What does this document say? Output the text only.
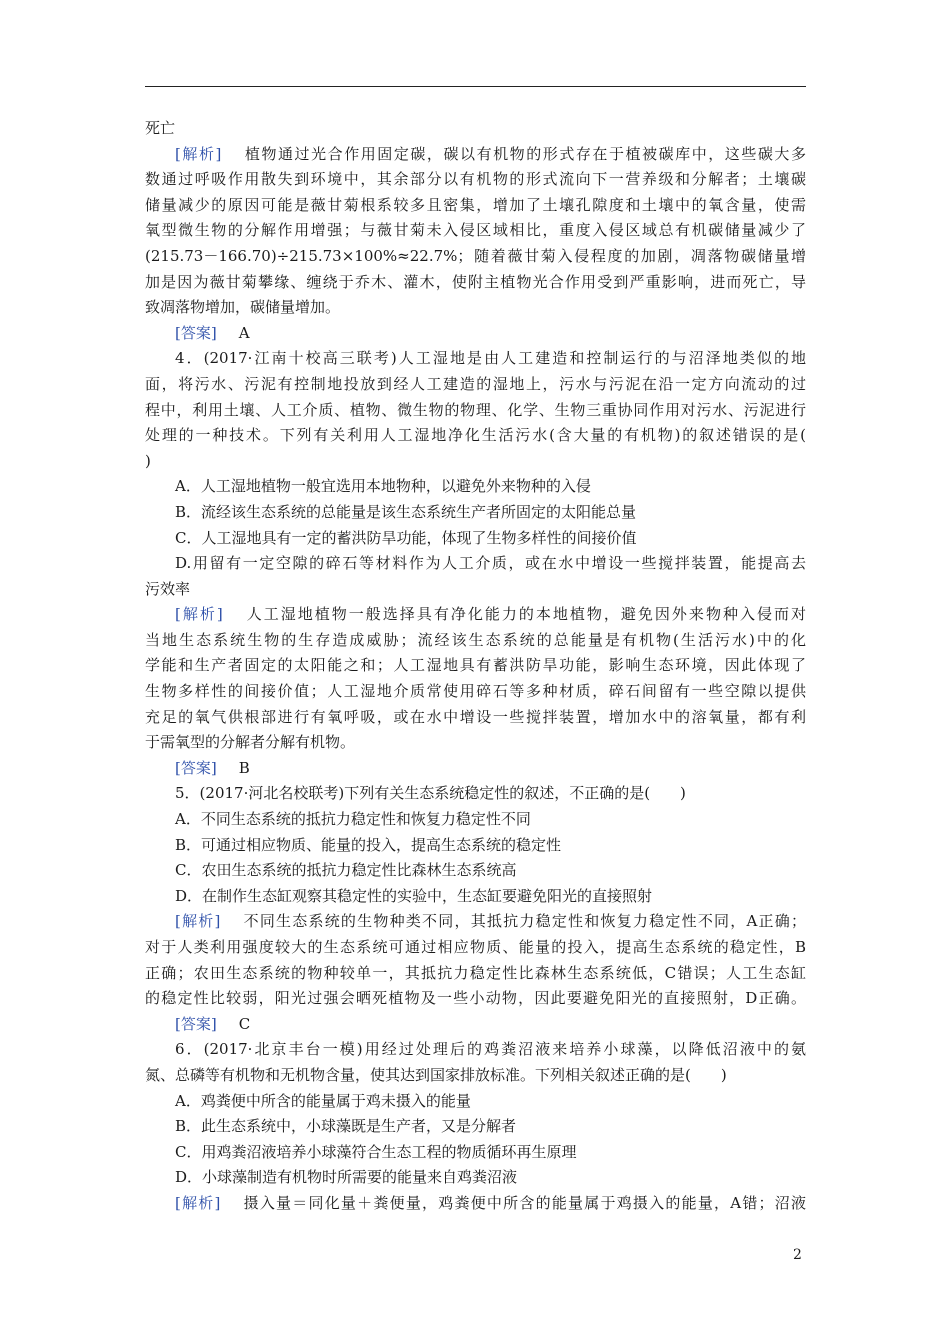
死亡
[解析] 植物通过光合作用固定碳，碳以有机物的形式存在于植被碳库中，这些碳大多
数通过呼吸作用散失到环境中，其余部分以有机物的形式流向下一营养级和分解者；土壤碳
储量减少的原因可能是薇甘菊根系较多且密集，增加了土壤孔隙度和土壤中的氧含量，使需
氧型微生物的分解作用增强；与薇甘菊未入侵区域相比，重度入侵区域总有机碳储量减少了
(215.73－166.70)÷215.73×100%≈22.7%；随着薇甘菊入侵程度的加剧，凋落物碳储量增
加是因为薇甘菊攀缘、缠绕于乔木、灌木，使附主植物光合作用受到严重影响，进而死亡，导
致凋落物增加，碳储量增加。
[答案] A
4．(2017·江南十校高三联考)人工湿地是由人工建造和控制运行的与沼泽地类似的地
面，将污水、污泥有控制地投放到经人工建造的湿地上，污水与污泥在沿一定方向流动的过
程中，利用土壤、人工介质、植物、微生物的物理、化学、生物三重协同作用对污水、污泥进行
处理的一种技术。下列有关利用人工湿地净化生活污水(含大量的有机物)的叙述错误的是(
)
A．人工湿地植物一般宜选用本地物种，以避免外来物种的入侵
B．流经该生态系统的总能量是该生态系统生产者所固定的太阳能总量
C．人工湿地具有一定的蓄洪防旱功能，体现了生物多样性的间接价值
D.用留有一定空隙的碎石等材料作为人工介质，或在水中增设一些搅拌装置，能提高去
污效率
[解析] 人工湿地植物一般选择具有净化能力的本地植物，避免因外来物种入侵而对
当地生态系统生物的生存造成威胁；流经该生态系统的总能量是有机物(生活污水)中的化
学能和生产者固定的太阳能之和；人工湿地具有蓄洪防旱功能，影响生态环境，因此体现了
生物多样性的间接价值；人工湿地介质常使用碎石等多种材质，碎石间留有一些空隙以提供
充足的氧气供根部进行有氧呼吸，或在水中增设一些搅拌装置，增加水中的溶氧量，都有利
于需氧型的分解者分解有机物。
[答案] B
5．(2017·河北名校联考)下列有关生态系统稳定性的叙述，不正确的是(　　)
A．不同生态系统的抵抗力稳定性和恢复力稳定性不同
B．可通过相应物质、能量的投入，提高生态系统的稳定性
C．农田生态系统的抵抗力稳定性比森林生态系统高
D．在制作生态缸观察其稳定性的实验中，生态缸要避免阳光的直接照射
[解析] 不同生态系统的生物种类不同，其抵抗力稳定性和恢复力稳定性不同，A正确；
对于人类利用强度较大的生态系统可通过相应物质、能量的投入，提高生态系统的稳定性，B
正确；农田生态系统的物种较单一，其抵抗力稳定性比森林生态系统低，C错误；人工生态缸
的稳定性比较弱，阳光过强会晒死植物及一些小动物，因此要避免阳光的直接照射，D正确。
[答案] C
6．(2017·北京丰台一模)用经过处理后的鸡粪沼液来培养小球藻，以降低沼液中的氨
氮、总磷等有机物和无机物含量，使其达到国家排放标准。下列相关叙述正确的是(　　)
A．鸡粪便中所含的能量属于鸡未摄入的能量
B．此生态系统中，小球藻既是生产者，又是分解者
C．用鸡粪沼液培养小球藻符合生态工程的物质循环再生原理
D．小球藻制造有机物时所需要的能量来自鸡粪沼液
[解析] 摄入量＝同化量＋粪便量，鸡粪便中所含的能量属于鸡摄入的能量，A错；沼液
2
